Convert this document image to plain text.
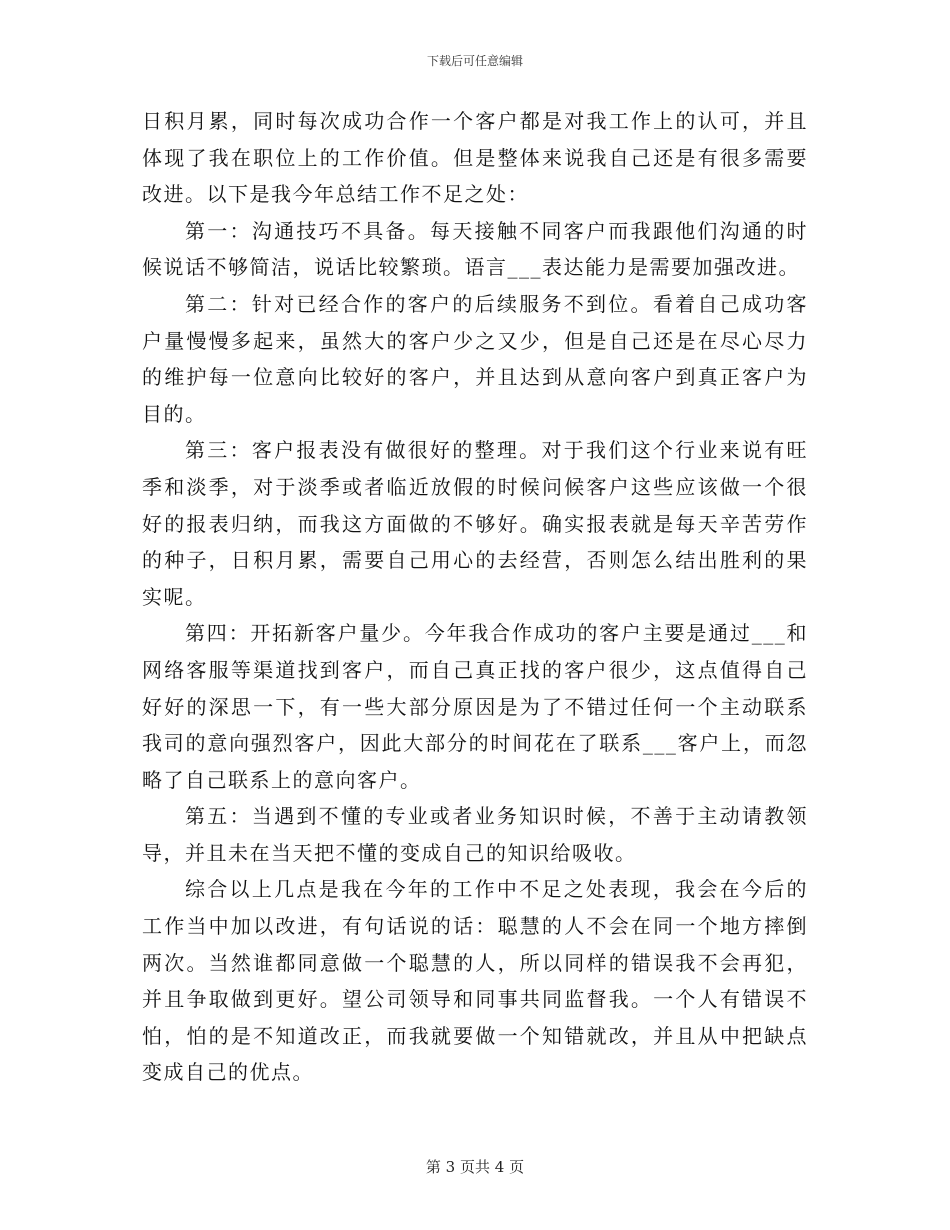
下载后可任意编辑

日积月累，同时每次成功合作一个客户都是对我工作上的认可，并且体现了我在职位上的工作价值。但是整体来说我自己还是有很多需要改进。以下是我今年总结工作不足之处：

第一：沟通技巧不具备。每天接触不同客户而我跟他们沟通的时候说话不够简洁，说话比较繁琐。语言___表达能力是需要加强改进。

第二：针对已经合作的客户的后续服务不到位。看着自己成功客户量慢慢多起来，虽然大的客户少之又少，但是自己还是在尽心尽力的维护每一位意向比较好的客户，并且达到从意向客户到真正客户为目的。

第三：客户报表没有做很好的整理。对于我们这个行业来说有旺季和淡季，对于淡季或者临近放假的时候问候客户这些应该做一个很好的报表归纳，而我这方面做的不够好。确实报表就是每天辛苦劳作的种子，日积月累，需要自己用心的去经营，否则怎么结出胜利的果实呢。

第四：开拓新客户量少。今年我合作成功的客户主要是通过___和网络客服等渠道找到客户，而自己真正找的客户很少，这点值得自己好好的深思一下，有一些大部分原因是为了不错过任何一个主动联系我司的意向强烈客户，因此大部分的时间花在了联系___客户上，而忽略了自己联系上的意向客户。

第五：当遇到不懂的专业或者业务知识时候，不善于主动请教领导，并且未在当天把不懂的变成自己的知识给吸收。

综合以上几点是我在今年的工作中不足之处表现，我会在今后的工作当中加以改进，有句话说的话：聪慧的人不会在同一个地方摔倒两次。当然谁都同意做一个聪慧的人，所以同样的错误我不会再犯，并且争取做到更好。望公司领导和同事共同监督我。一个人有错误不怕，怕的是不知道改正，而我就要做一个知错就改，并且从中把缺点变成自己的优点。

第 3 页共 4 页
